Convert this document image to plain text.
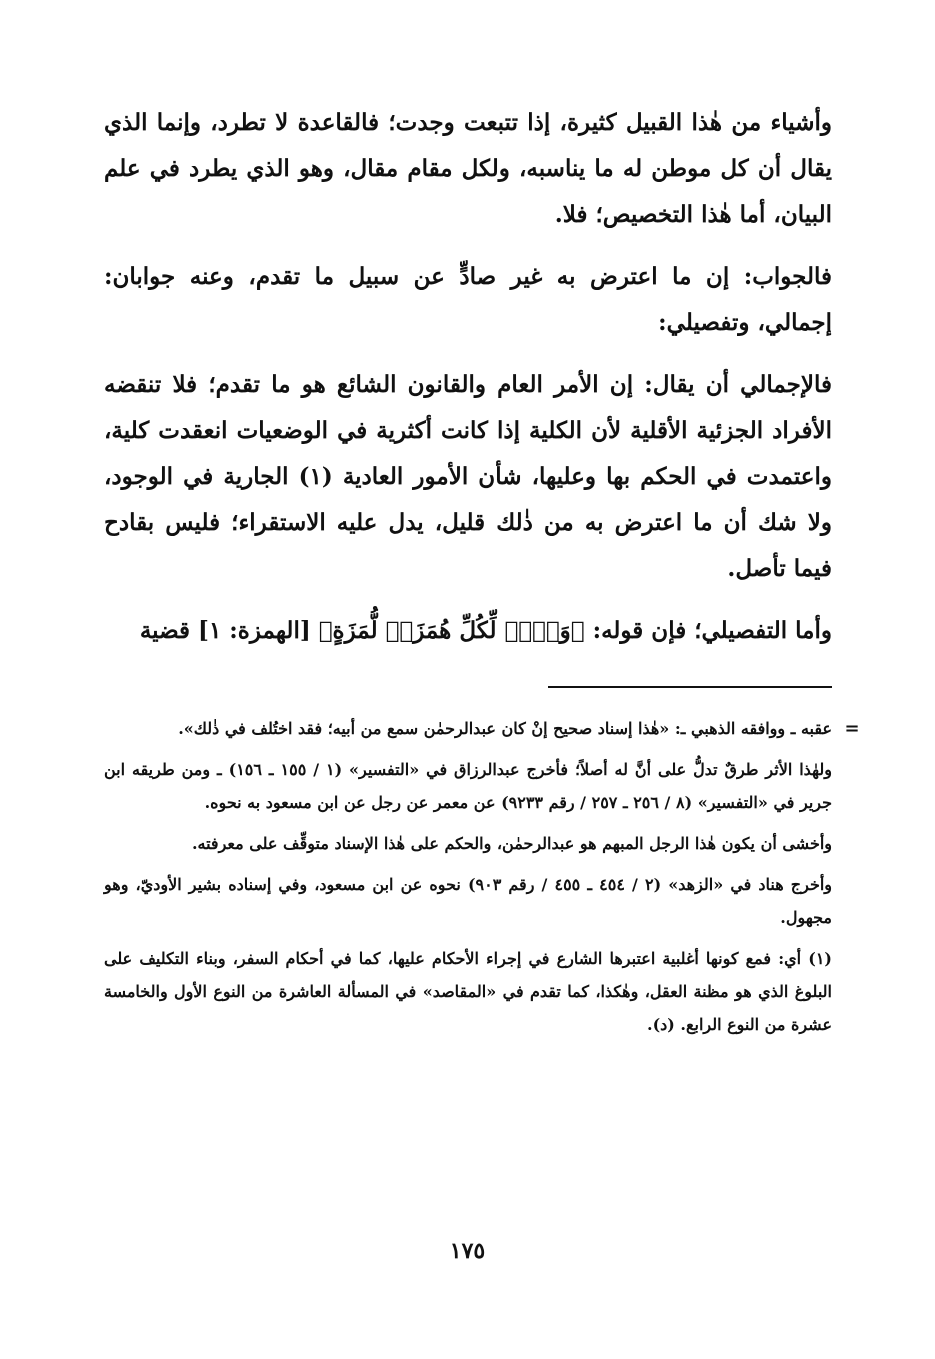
وأشياء من هٰذا القبيل كثيرة، إذا تتبعت وجدت؛ فالقاعدة لا تطرد، وإنما الذي يقال أن كل موطن له ما يناسبه، ولكل مقام مقال، وهو الذي يطرد في علم البيان، أما هٰذا التخصيص؛ فلا.

فالجواب: إن ما اعترض به غير صادٍّ عن سبيل ما تقدم، وعنه جوابان: إجمالي، وتفصيلي:

فالإجمالي أن يقال: إن الأمر العام والقانون الشائع هو ما تقدم؛ فلا تنقضه الأفراد الجزئية الأقلية لأن الكلية إذا كانت أكثرية في الوضعيات انعقدت كلية، واعتمدت في الحكم بها وعليها، شأن الأمور العادية (١) الجارية في الوجود، ولا شك أن ما اعترض به من ذٰلك قليل، يدل عليه الاستقراء؛ فليس بقادح فيما تأصل.

وأما التفصيلي؛ فإن قوله: ﴿وَيۡلٞ لِّكُلِّ هُمَزَةٖ لُّمَزَةٍ﴾ [الهمزة: ١] قضية

=

عقبه ـ ووافقه الذهبي ـ: «هٰذا إسناد صحيح إنْ كان عبدالرحمٰن سمع من أبيه؛ فقد اختُلف في ذٰلك».

ولهٰذا الأثر طرقٌ تدلُّ على أنَّ له أصلاً؛ فأخرج عبدالرزاق في «التفسير» (١ / ١٥٥ ـ ١٥٦) ـ ومن طريقه ابن جرير في «التفسير» (٨ / ٢٥٦ ـ ٢٥٧ / رقم ٩٢٣٣) عن معمر عن رجل عن ابن مسعود به نحوه.

وأخشى أن يكون هٰذا الرجل المبهم هو عبدالرحمٰن، والحكم على هٰذا الإسناد متوقِّف على معرفته.

وأخرج هناد في «الزهد» (٢ / ٤٥٤ ـ ٤٥٥ / رقم ٩٠٣) نحوه عن ابن مسعود، وفي إسناده بشير الأوديّ، وهو مجهول.

(١) أي: فمع كونها أغلبية اعتبرها الشارع في إجراء الأحكام عليها، كما في أحكام السفر، وبناء التكليف على البلوغ الذي هو مظنة العقل، وهٰكذا، كما تقدم في «المقاصد» في المسألة العاشرة من النوع الأول والخامسة عشرة من النوع الرابع. (د).

١٧٥
